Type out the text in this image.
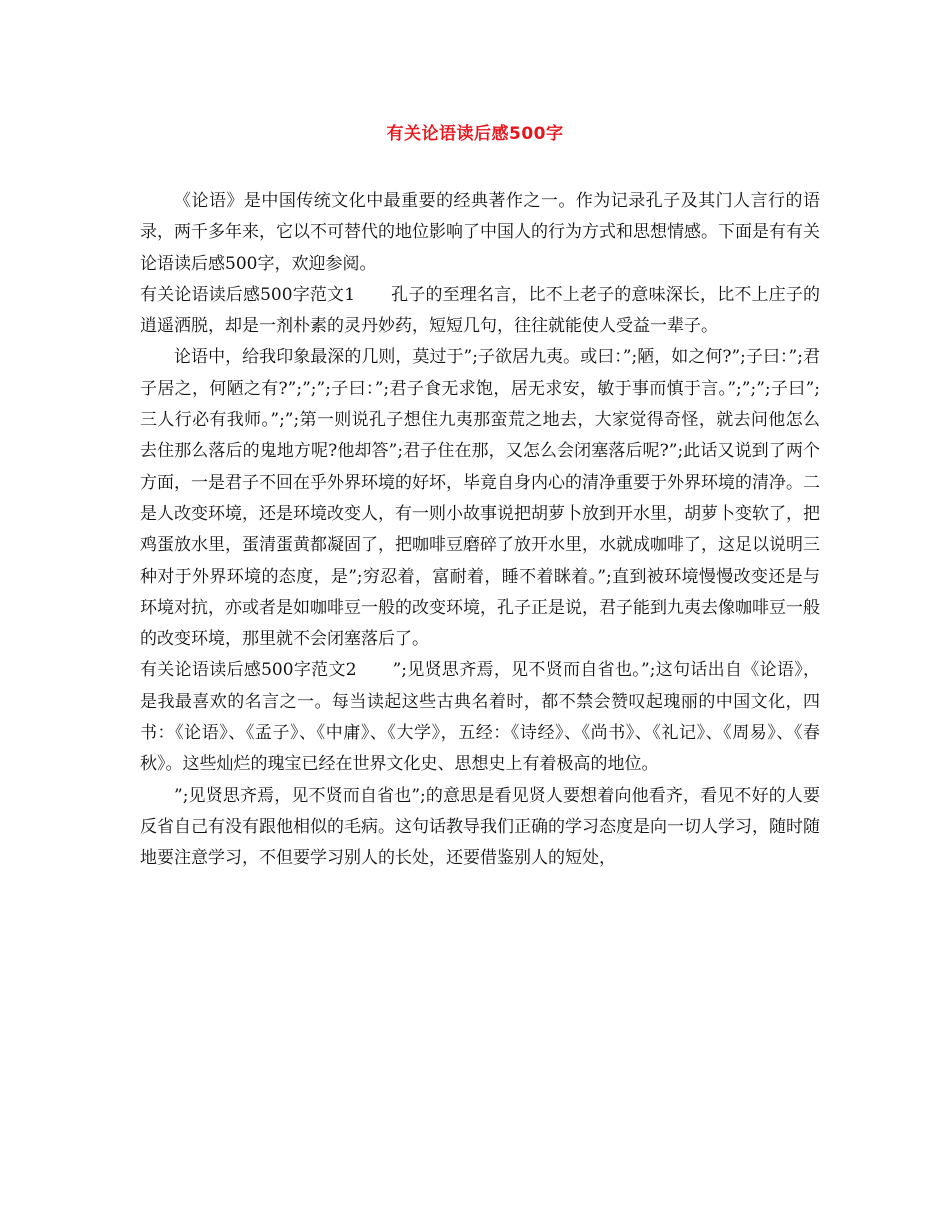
有关论语读后感500字

《论语》是中国传统文化中最重要的经典著作之一。作为记录孔子及其门人言行的语录，两千多年来，它以不可替代的地位影响了中国人的行为方式和思想情感。下面是有有关论语读后感500字，欢迎参阅。

有关论语读后感500字范文1 孔子的至理名言，比不上老子的意味深长，比不上庄子的逍遥洒脱，却是一剂朴素的灵丹妙药，短短几句，往往就能使人受益一辈子。

论语中，给我印象最深的几则，莫过于”;子欲居九夷。或曰：”;陋，如之何?”;子曰：”;君子居之，何陋之有?”;”;”;子曰：”;君子食无求饱，居无求安，敏于事而慎于言。”;”;”;子曰”;三人行必有我师。”;”;第一则说孔子想住九夷那蛮荒之地去，大家觉得奇怪，就去问他怎么去住那么落后的鬼地方呢?他却答”;君子住在那，又怎么会闭塞落后呢?”;此话又说到了两个方面，一是君子不回在乎外界环境的好坏，毕竟自身内心的清净重要于外界环境的清净。二是人改变环境，还是环境改变人，有一则小故事说把胡萝卜放到开水里，胡萝卜变软了，把鸡蛋放水里，蛋清蛋黄都凝固了，把咖啡豆磨碎了放开水里，水就成咖啡了，这足以说明三种对于外界环境的态度，是”;穷忍着，富耐着，睡不着眯着。”;直到被环境慢慢改变还是与环境对抗，亦或者是如咖啡豆一般的改变环境，孔子正是说，君子能到九夷去像咖啡豆一般的改变环境，那里就不会闭塞落后了。

有关论语读后感500字范文2 ”;见贤思齐焉，见不贤而自省也。”;这句话出自《论语》，是我最喜欢的名言之一。每当读起这些古典名着时，都不禁会赞叹起瑰丽的中国文化，四书：《论语》、《孟子》、《中庸》、《大学》，五经：《诗经》、《尚书》、《礼记》、《周易》、《春秋》。这些灿烂的瑰宝已经在世界文化史、思想史上有着极高的地位。

”;见贤思齐焉，见不贤而自省也”;的意思是看见贤人要想着向他看齐，看见不好的人要反省自己有没有跟他相似的毛病。这句话教导我们正确的学习态度是向一切人学习，随时随地要注意学习，不但要学习别人的长处，还要借鉴别人的短处，
